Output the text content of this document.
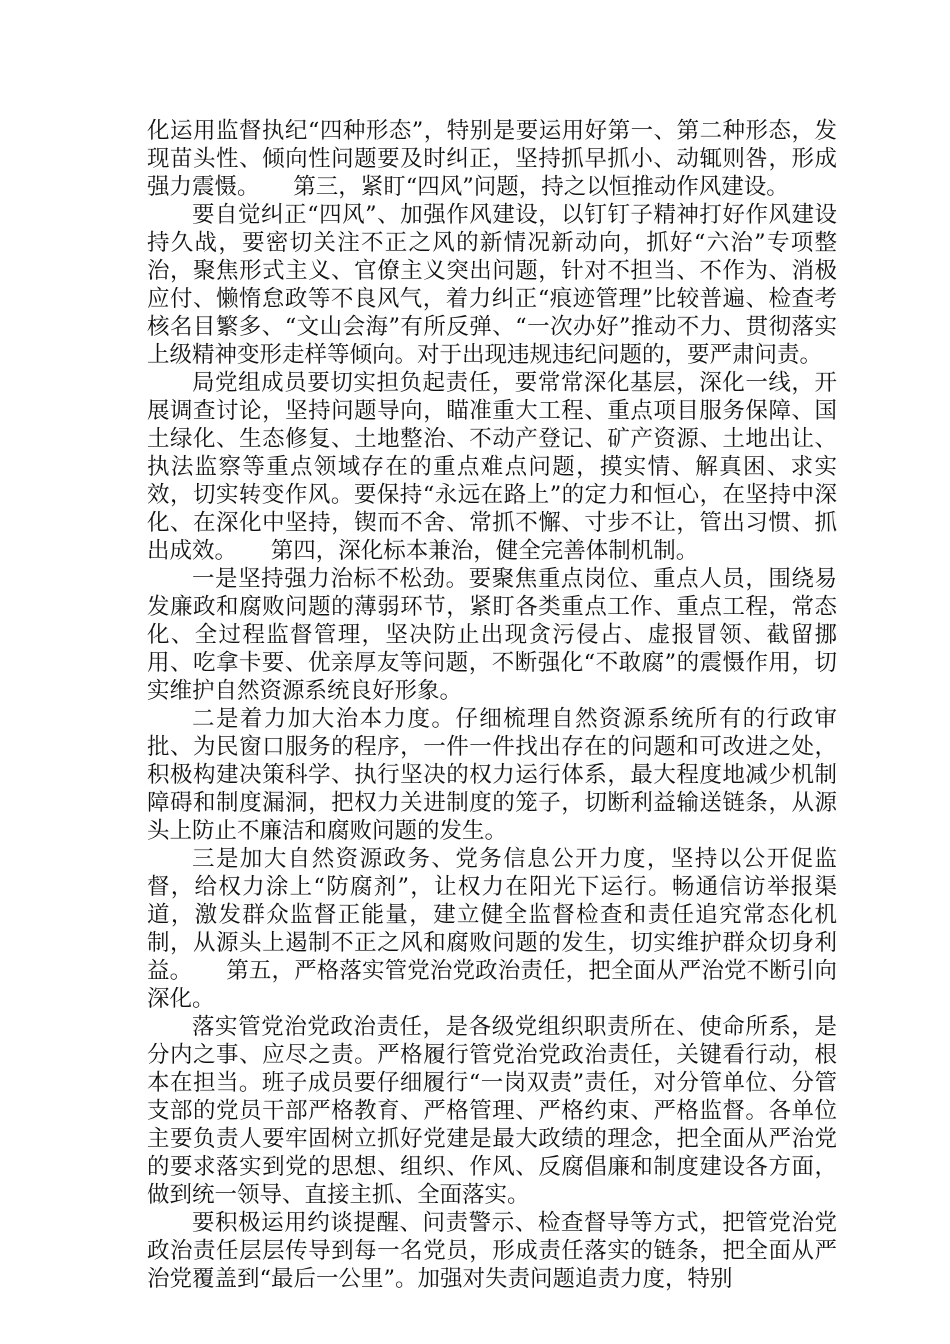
化运用监督执纪“四种形态”，特别是要运用好第一、第二种形态，发现苗头性、倾向性问题要及时纠正，坚持抓早抓小、动辄则咎，形成强力震慑。　　第三，紧盯“四风”问题，持之以恒推动作风建设。

要自觉纠正“四风”、加强作风建设，以钉钉子精神打好作风建设持久战，要密切关注不正之风的新情况新动向，抓好“六治”专项整治，聚焦形式主义、官僚主义突出问题，针对不担当、不作为、消极应付、懒惰怠政等不良风气，着力纠正“痕迹管理”比较普遍、检查考核名目繁多、“文山会海”有所反弹、“一次办好”推动不力、贯彻落实上级精神变形走样等倾向。对于出现违规违纪问题的，要严肃问责。

局党组成员要切实担负起责任，要常常深化基层，深化一线，开展调查讨论，坚持问题导向，瞄准重大工程、重点项目服务保障、国土绿化、生态修复、土地整治、不动产登记、矿产资源、土地出让、执法监察等重点领域存在的重点难点问题，摸实情、解真困、求实效，切实转变作风。要保持“永远在路上”的定力和恒心，在坚持中深化、在深化中坚持，锲而不舍、常抓不懈、寸步不让，管出习惯、抓出成效。　　第四，深化标本兼治，健全完善体制机制。

一是坚持强力治标不松劲。要聚焦重点岗位、重点人员，围绕易发廉政和腐败问题的薄弱环节，紧盯各类重点工作、重点工程，常态化、全过程监督管理，坚决防止出现贪污侵占、虚报冒领、截留挪用、吃拿卡要、优亲厚友等问题，不断强化“不敢腐”的震慑作用，切实维护自然资源系统良好形象。

二是着力加大治本力度。仔细梳理自然资源系统所有的行政审批、为民窗口服务的程序，一件一件找出存在的问题和可改进之处，积极构建决策科学、执行坚决的权力运行体系，最大程度地减少机制障碍和制度漏洞，把权力关进制度的笼子，切断利益输送链条，从源头上防止不廉洁和腐败问题的发生。

三是加大自然资源政务、党务信息公开力度，坚持以公开促监督，给权力涂上“防腐剂”，让权力在阳光下运行。畅通信访举报渠道，激发群众监督正能量，建立健全监督检查和责任追究常态化机制，从源头上遏制不正之风和腐败问题的发生，切实维护群众切身利益。　　第五，严格落实管党治党政治责任，把全面从严治党不断引向深化。

落实管党治党政治责任，是各级党组织职责所在、使命所系，是分内之事、应尽之责。严格履行管党治党政治责任，关键看行动，根本在担当。班子成员要仔细履行“一岗双责”责任，对分管单位、分管支部的党员干部严格教育、严格管理、严格约束、严格监督。各单位主要负责人要牢固树立抓好党建是最大政绩的理念，把全面从严治党的要求落实到党的思想、组织、作风、反腐倡廉和制度建设各方面，做到统一领导、直接主抓、全面落实。

要积极运用约谈提醒、问责警示、检查督导等方式，把管党治党政治责任层层传导到每一名党员，形成责任落实的链条，把全面从严治党覆盖到“最后一公里”。加强对失责问题追责力度，特别
